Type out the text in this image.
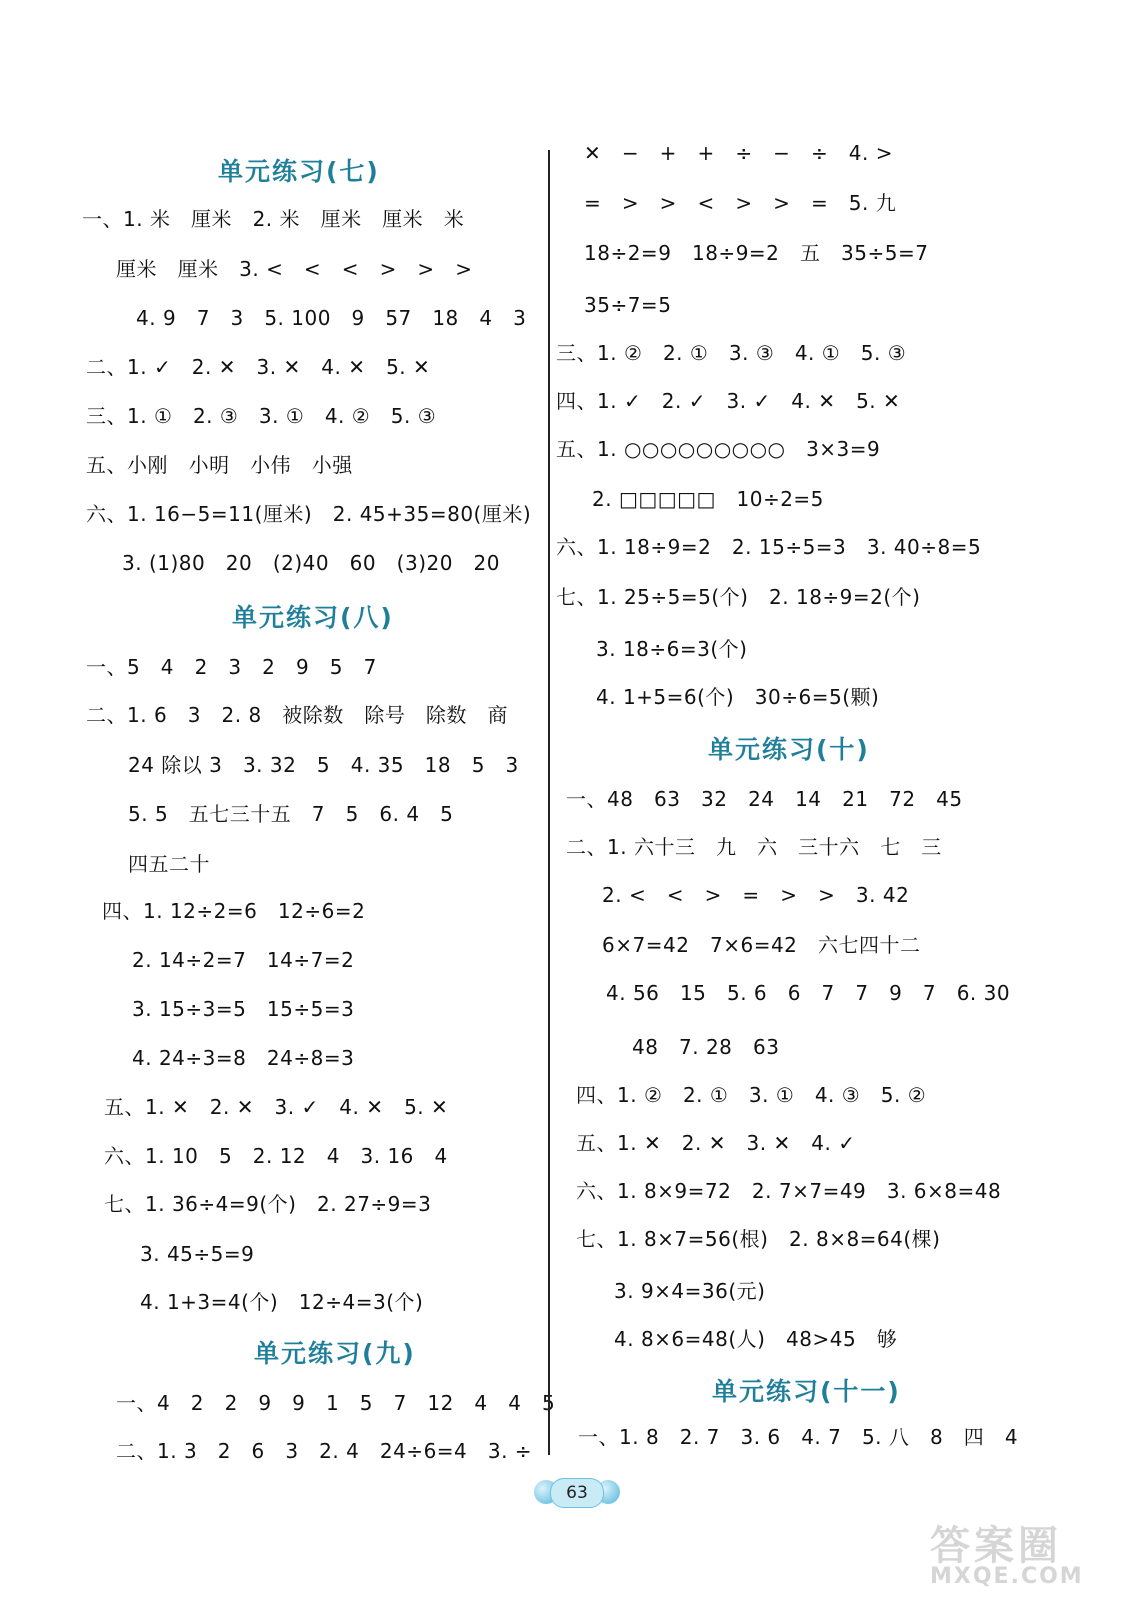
单元练习(七)
一、1. 米   厘米   2. 米   厘米   厘米   米
厘米   厘米   3. <   <   <   >   >   >
4. 9   7   3   5. 100   9   57   18   4   3
二、1. ✓   2. ✕   3. ✕   4. ✕   5. ✕
三、1. ①   2. ③   3. ①   4. ②   5. ③
五、小刚   小明   小伟   小强
六、1. 16−5=11(厘米)   2. 45+35=80(厘米)
3. (1)80   20   (2)40   60   (3)20   20
单元练习(八)
一、5   4   2   3   2   9   5   7
二、1. 6   3   2. 8   被除数   除号   除数   商
24 除以 3   3. 32   5   4. 35   18   5   3
5. 5   五七三十五   7   5   6. 4   5
四五二十
四、1. 12÷2=6   12÷6=2
2. 14÷2=7   14÷7=2
3. 15÷3=5   15÷5=3
4. 24÷3=8   24÷8=3
五、1. ✕   2. ✕   3. ✓   4. ✕   5. ✕
六、1. 10   5   2. 12   4   3. 16   4
七、1. 36÷4=9(个)   2. 27÷9=3
3. 45÷5=9
4. 1+3=4(个)   12÷4=3(个)
单元练习(九)
一、4   2   2   9   9   1   5   7   12   4   4   5
二、1. 3   2   6   3   2. 4   24÷6=4   3. ÷
✕   −   +   +   ÷   −   ÷   4. >
=   >   >   <   >   >   =   5. 九
18÷2=9   18÷9=2   五   35÷5=7
35÷7=5
三、1. ②   2. ①   3. ③   4. ①   5. ③
四、1. ✓   2. ✓   3. ✓   4. ✕   5. ✕
五、1. ○○○○○○○○○   3×3=9
2. □□□□□   10÷2=5
六、1. 18÷9=2   2. 15÷5=3   3. 40÷8=5
七、1. 25÷5=5(个)   2. 18÷9=2(个)
3. 18÷6=3(个)
4. 1+5=6(个)   30÷6=5(颗)
单元练习(十)
一、48   63   32   24   14   21   72   45
二、1. 六十三   九   六   三十六   七   三
2. <   <   >   =   >   >   3. 42
6×7=42   7×6=42   六七四十二
4. 56   15   5. 6   6   7   7   9   7   6. 30
48   7. 28   63
四、1. ②   2. ①   3. ①   4. ③   5. ②
五、1. ✕   2. ✕   3. ✕   4. ✓
六、1. 8×9=72   2. 7×7=49   3. 6×8=48
七、1. 8×7=56(根)   2. 8×8=64(棵)
3. 9×4=36(元)
4. 8×6=48(人)   48>45   够
单元练习(十一)
一、1. 8   2. 7   3. 6   4. 7   5. 八   8   四   4
63
答案圈
MXQE.COM
